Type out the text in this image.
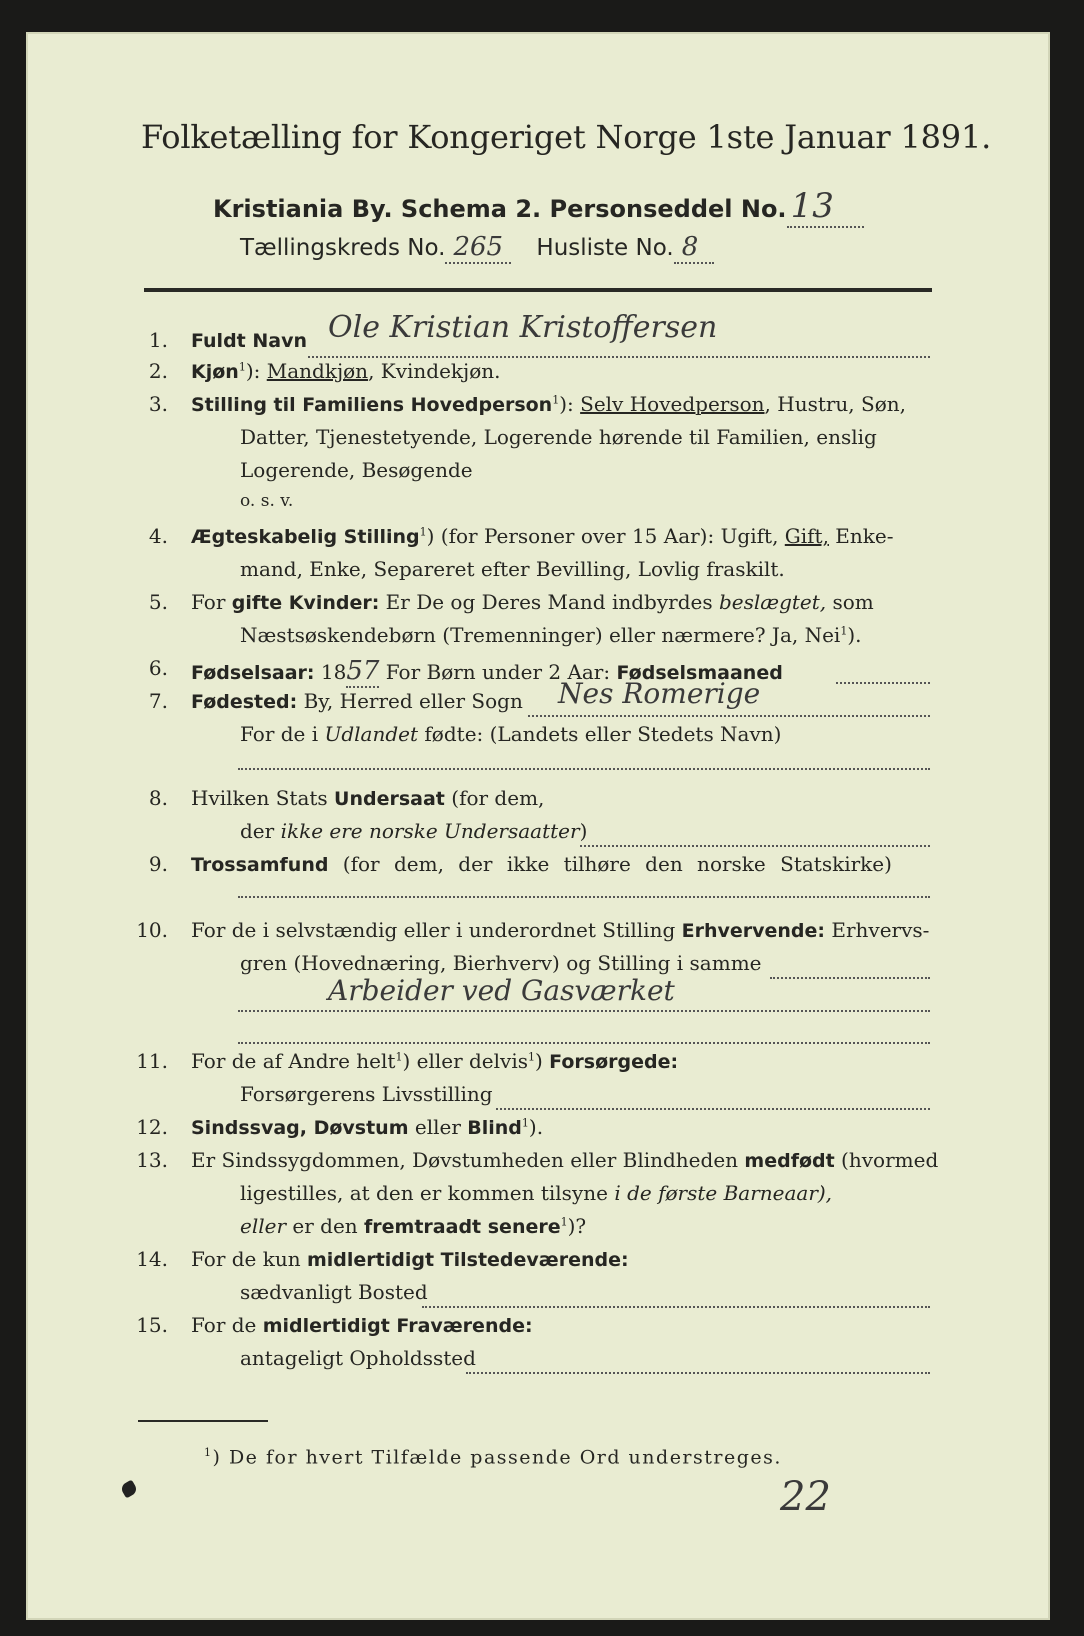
Folketælling for Kongeriget Norge 1ste Januar 1891.
Kristiania By. Schema 2. Personseddel No. 13
Tællingskreds No. 265 Husliste No. 8
1. Fuldt Navn Ole Kristian Kristoffersen
2. Kjøn$^1$): Mandkjøn, Kvindekjøn.
3. Stilling til Familiens Hovedperson$^1$): Selv Hovedperson, Hustru, Søn,
Datter, Tjenestetyende, Logerende hørende til Familien, enslig
Logerende, Besøgende
o. s. v.
4. Ægteskabelig Stilling$^1$) (for Personer over 15 Aar): Ugift, Gift, Enke-
mand, Enke, Separeret efter Bevilling, Lovlig fraskilt.
5. For gifte Kvinder: Er De og Deres Mand indbyrdes beslægtet, som
Næstsøskendebørn (Tremenninger) eller nærmere? Ja, Nei$^1$).
6. Fødselsaar: 1857 For Børn under 2 Aar: Fødselsmaaned
7. Fødested: By, Herred eller Sogn Nes Romerige
For de i Udlandet fødte: (Landets eller Stedets Navn)
8. Hvilken Stats Undersaat (for dem,
der ikke ere norske Undersaatter)
9. Trossamfund (for dem, der ikke tilhøre den norske Statskirke)
10. For de i selvstændig eller i underordnet Stilling Erhvervende: Erhvervs-
gren (Hovednæring, Bierhverv) og Stilling i samme
Arbeider ved Gasværket
11. For de af Andre helt$^1$) eller delvis$^1$) Forsørgede:
Forsørgerens Livsstilling
12. Sindssvag, Døvstum eller Blind$^1$).
13. Er Sindssygdommen, Døvstumheden eller Blindheden medfødt (hvormed
ligestilles, at den er kommen tilsyne i de første Barneaar),
eller er den fremtraadt senere$^1$)?
14. For de kun midlertidigt Tilstedeværende:
sædvanligt Bosted
15. For de midlertidigt Fraværende:
antageligt Opholdssted
$^1$) De for hvert Tilfælde passende Ord understreges.
22
